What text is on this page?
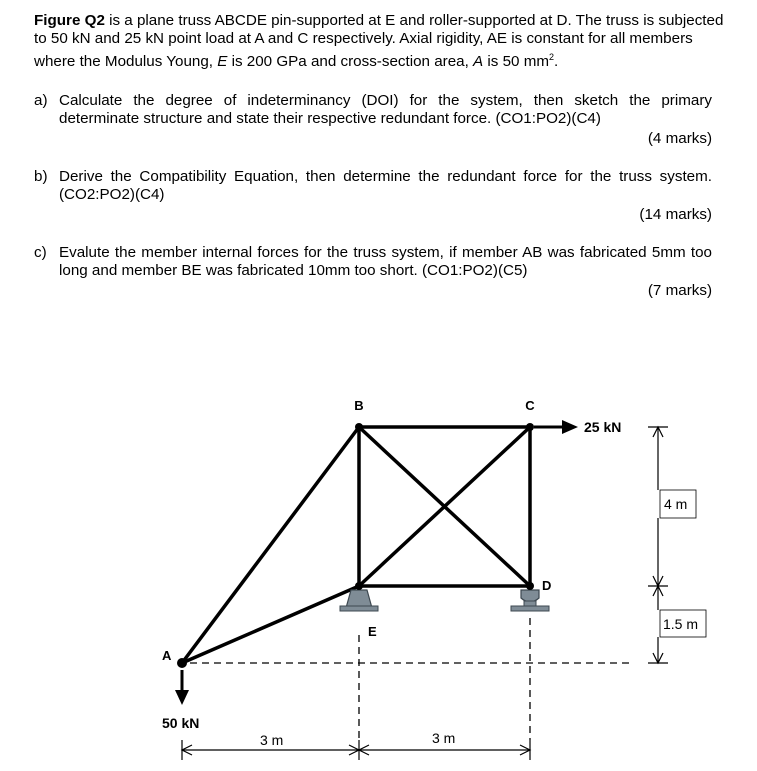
Figure Q2 is a plane truss ABCDE pin-supported at E and roller-supported at D. The truss is subjected to 50 kN and 25 kN point load at A and C respectively. Axial rigidity, AE is constant for all members where the Modulus Young, E is 200 GPa and cross-section area, A is 50 $mm^2$.
a) Calculate the degree of indeterminancy (DOI) for the system, then sketch the primary determinate structure and state their respective redundant force. (CO1:PO2)(C4)
(4 marks)
b) Derive the Compatibility Equation, then determine the redundant force for the truss system.(CO2:PO2)(C4)
(14 marks)
c) Evalute the member internal forces for the truss system, if member AB was fabricated 5mm too long and member BE was fabricated 10mm too short. (CO1:PO2)(C5)
(7 marks)
B	C
D
E
A
25 kN
50 kN
4 m
1.5 m
3 m	3 m
